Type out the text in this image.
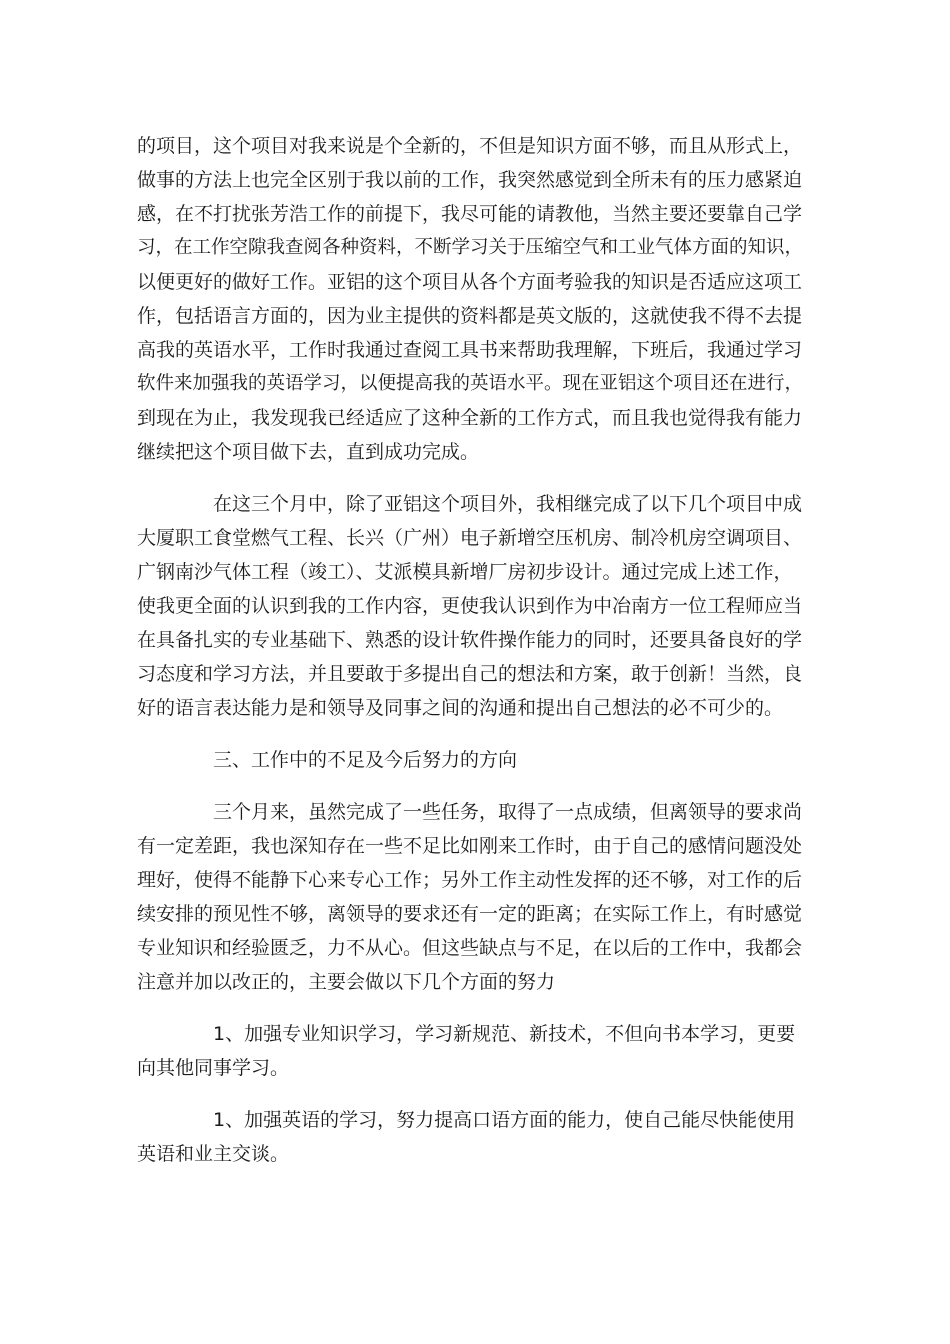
的项目，这个项目对我来说是个全新的，不但是知识方面不够，而且从形式上，

做事的方法上也完全区别于我以前的工作，我突然感觉到全所未有的压力感紧迫

感，在不打扰张芳浩工作的前提下，我尽可能的请教他，当然主要还要靠自己学

习，在工作空隙我查阅各种资料，不断学习关于压缩空气和工业气体方面的知识，

以便更好的做好工作。亚铝的这个项目从各个方面考验我的知识是否适应这项工

作，包括语言方面的，因为业主提供的资料都是英文版的，这就使我不得不去提

高我的英语水平，工作时我通过查阅工具书来帮助我理解，下班后，我通过学习

软件来加强我的英语学习，以便提高我的英语水平。现在亚铝这个项目还在进行，

到现在为止，我发现我已经适应了这种全新的工作方式，而且我也觉得我有能力

继续把这个项目做下去，直到成功完成。

在这三个月中，除了亚铝这个项目外，我相继完成了以下几个项目中成

大厦职工食堂燃气工程、长兴（广州）电子新增空压机房、制冷机房空调项目、

广钢南沙气体工程（竣工）、艾派模具新增厂房初步设计。通过完成上述工作，

使我更全面的认识到我的工作内容，更使我认识到作为中冶南方一位工程师应当

在具备扎实的专业基础下、熟悉的设计软件操作能力的同时，还要具备良好的学

习态度和学习方法，并且要敢于多提出自己的想法和方案，敢于创新！当然，良

好的语言表达能力是和领导及同事之间的沟通和提出自己想法的必不可少的。

三、工作中的不足及今后努力的方向

三个月来，虽然完成了一些任务，取得了一点成绩，但离领导的要求尚

有一定差距，我也深知存在一些不足比如刚来工作时，由于自己的感情问题没处

理好，使得不能静下心来专心工作；另外工作主动性发挥的还不够，对工作的后

续安排的预见性不够，离领导的要求还有一定的距离；在实际工作上，有时感觉

专业知识和经验匮乏，力不从心。但这些缺点与不足，在以后的工作中，我都会

注意并加以改正的，主要会做以下几个方面的努力

1、加强专业知识学习，学习新规范、新技术，不但向书本学习，更要

向其他同事学习。

1、加强英语的学习，努力提高口语方面的能力，使自己能尽快能使用

英语和业主交谈。
